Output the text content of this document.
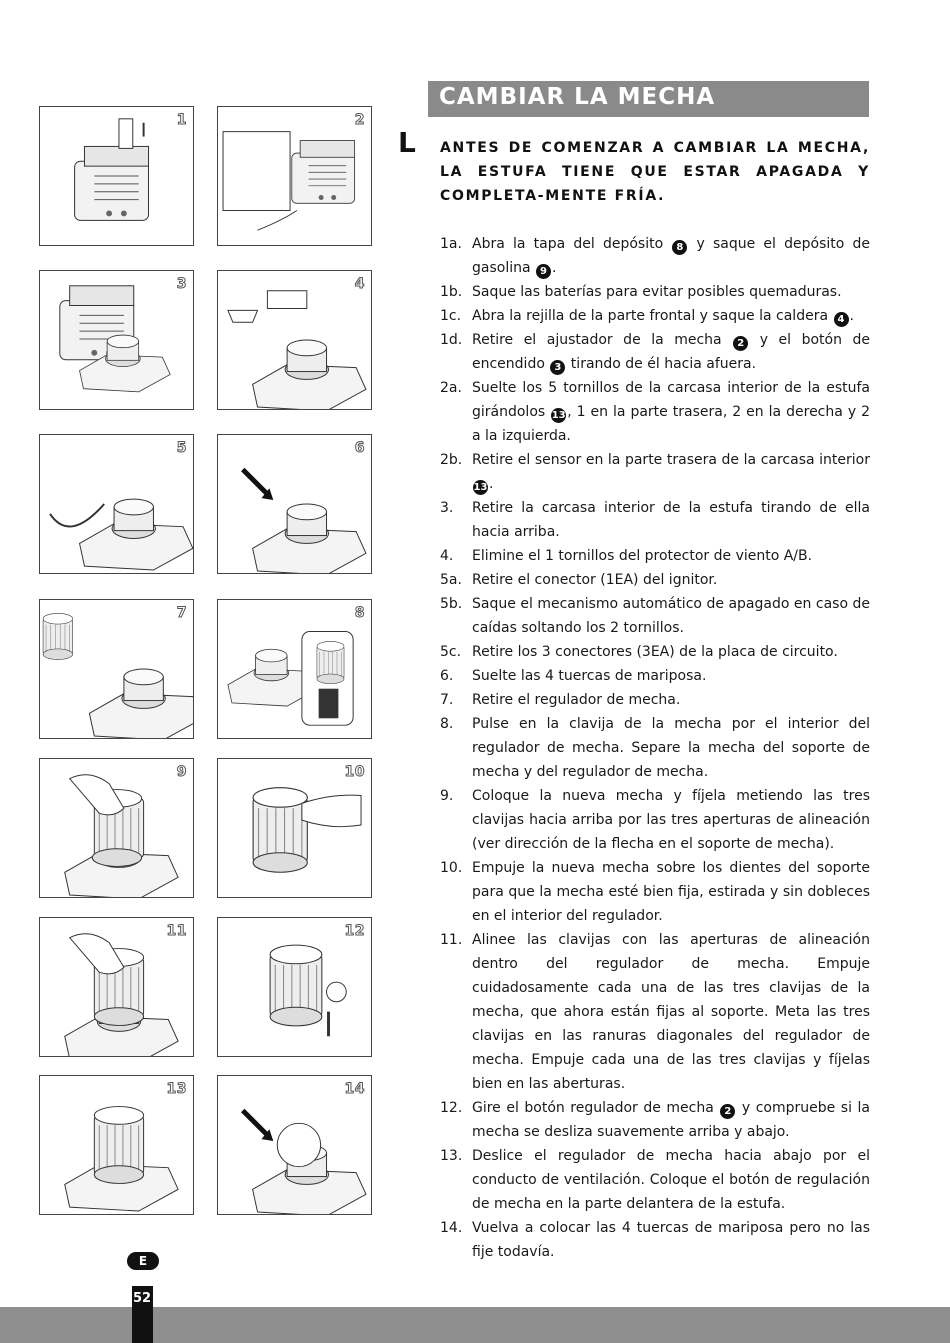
1	2
3	4
5	6
7	8
9	10
11	12
13	14
CAMBIAR LA MECHA
L ANTES DE COMENZAR A CAMBIAR LA MECHA, LA ESTUFA TIENE QUE ESTAR APAGADA Y COMPLETA-MENTE FRÍA.
1a. Abra la tapa del depósito 8 y saque el depósito de gasolina 9 .
1b. Saque las baterías para evitar posibles quemaduras.
1c. Abra la rejilla de la parte frontal y saque la caldera 4 .
1d. Retire el ajustador de la mecha 2 y el botón de encendido 3 tirando de él hacia afuera.
2a. Suelte los 5 tornillos de la carcasa interior de la estufa girándolos 13 , 1 en la parte trasera, 2 en la derecha y 2 a la izquierda.
2b. Retire el sensor en la parte trasera de la carcasa interior 13 .
3. Retire la carcasa interior de la estufa tirando de ella hacia arriba.
4. Elimine el 1 tornillos del protector de viento A/B.
5a. Retire el conector (1EA) del ignitor.
5b. Saque el mecanismo automático de apagado en caso de caídas soltando los 2 tornillos.
5c. Retire los 3 conectores (3EA) de la placa de circuito.
6. Suelte las 4 tuercas de mariposa.
7. Retire el regulador de mecha.
8. Pulse en la clavija de la mecha por el interior del regulador de mecha. Separe la mecha del soporte de mecha y del regulador de mecha.
9. Coloque la nueva mecha y fíjela metiendo las tres clavijas hacia arriba por las tres aperturas de alineación (ver dirección de la flecha en el soporte de mecha).
10. Empuje la nueva mecha sobre los dientes del soporte para que la mecha esté bien fija, estirada y sin dobleces en el interior del regulador.
11. Alinee las clavijas con las aperturas de alineación dentro del regulador de mecha. Empuje cuidadosamente cada una de las tres clavijas de la mecha, que ahora están fijas al soporte. Meta las tres clavijas en las ranuras diagonales del regulador de mecha. Empuje cada una de las tres clavijas y fíjelas bien en las aberturas.
12. Gire el botón regulador de mecha 2 y compruebe si la mecha se desliza suavemente arriba y abajo.
13. Deslice el regulador de mecha hacia abajo por el conducto de ventilación. Coloque el botón de regulación de mecha en la parte delantera de la estufa.
14. Vuelva a colocar las 4 tuercas de mariposa pero no las fije todavía.
E
52
